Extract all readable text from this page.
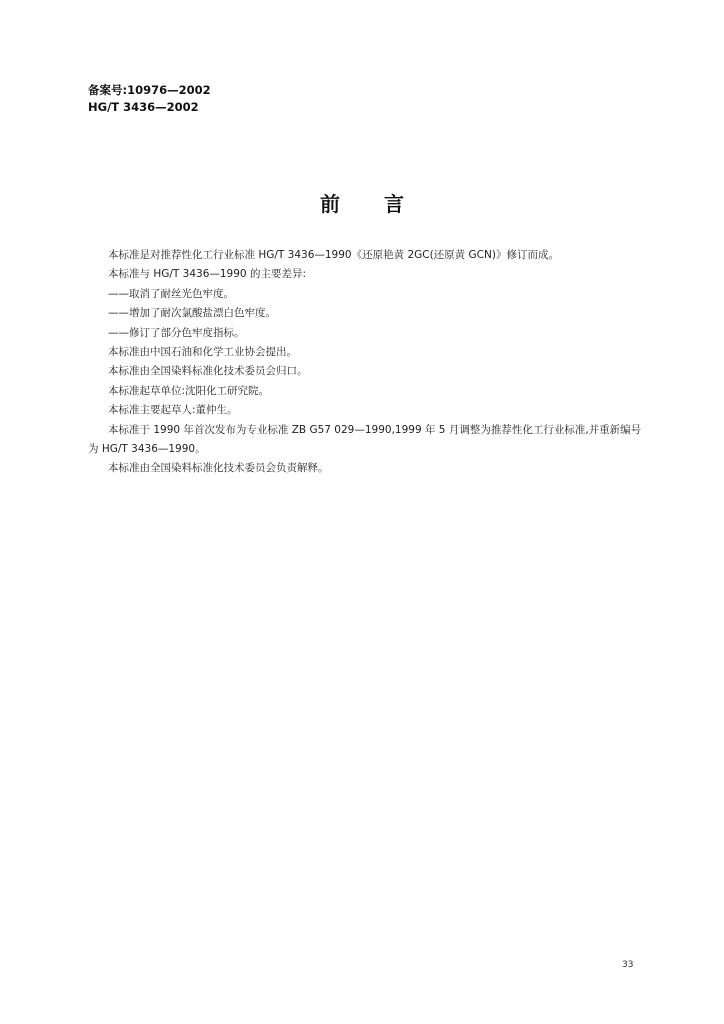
备案号:10976—2002
HG/T 3436—2002
前言

本标准是对推荐性化工行业标准 HG/T 3436—1990《还原艳黄 2GC(还原黄 GCN)》修订而成。

本标准与 HG/T 3436—1990 的主要差异:

——取消了耐丝光色牢度。

——增加了耐次氯酸盐漂白色牢度。

——修订了部分色牢度指标。

本标准由中国石油和化学工业协会提出。

本标准由全国染料标准化技术委员会归口。

本标准起草单位:沈阳化工研究院。

本标准主要起草人:董仲生。

本标准于 1990 年首次发布为专业标准 ZB G57 029—1990,1999 年 5 月调整为推荐性化工行业标准,并重新编号为 HG/T 3436—1990。

本标准由全国染料标准化技术委员会负责解释。

33
